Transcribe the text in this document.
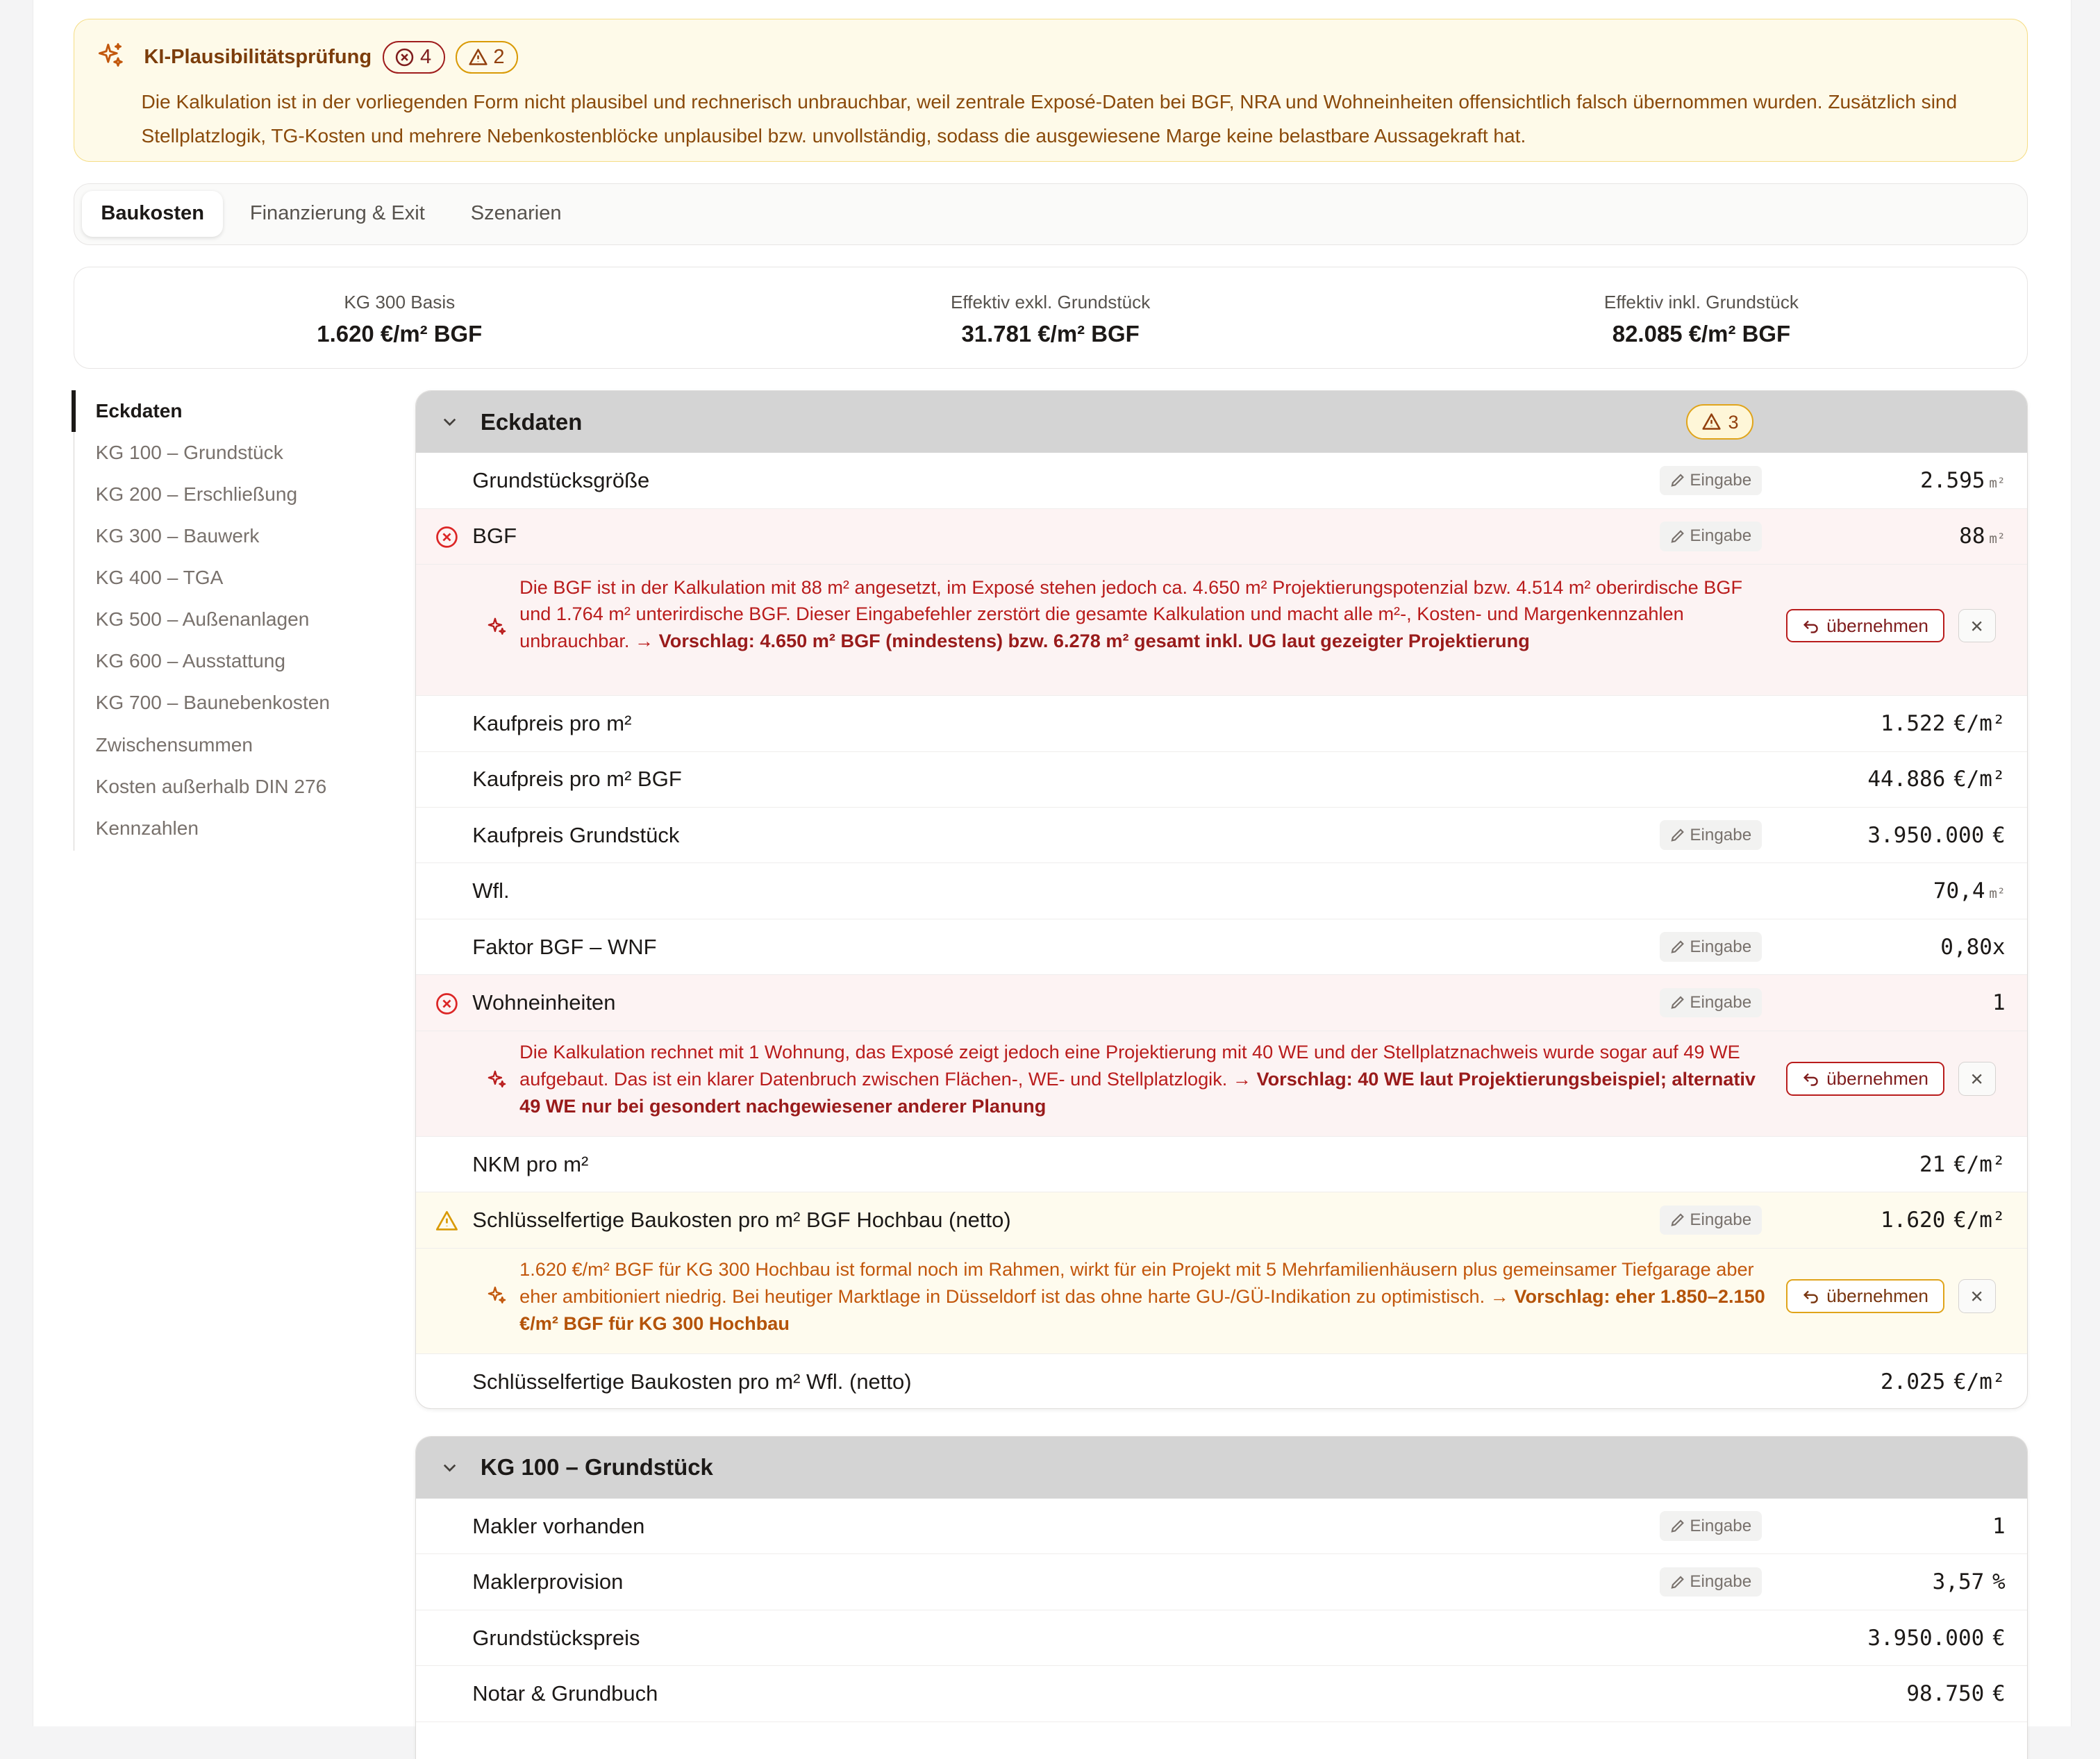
KI-Plausibilitätsprüfung	4	2
Die Kalkulation ist in der vorliegenden Form nicht plausibel und rechnerisch unbrauchbar, weil zentrale Exposé-Daten bei BGF, NRA und Wohneinheiten offensichtlich falsch übernommen wurden. Zusätzlich sind Stellplatzlogik, TG-Kosten und mehrere Nebenkostenblöcke unplausibel bzw. unvollständig, sodass die ausgewiesene Marge keine belastbare Aussagekraft hat.
Baukosten	Finanzierung & Exit	Szenarien
KG 300 Basis
1.620 €/m² BGF
Effektiv exkl. Grundstück
31.781 €/m² BGF
Effektiv inkl. Grundstück
82.085 €/m² BGF
Eckdaten
KG 100 – Grundstück
KG 200 – Erschließung
KG 300 – Bauwerk
KG 400 – TGA
KG 500 – Außenanlagen
KG 600 – Ausstattung
KG 700 – Baunebenkosten
Zwischensummen
Kosten außerhalb DIN 276
Kennzahlen
Eckdaten	3
Grundstücksgröße	Eingabe	2.595 m²
BGF	Eingabe	88 m²
Die BGF ist in der Kalkulation mit 88 m² angesetzt, im Exposé stehen jedoch ca. 4.650 m² Projektierungspotenzial bzw. 4.514 m² oberirdische BGF und 1.764 m² unterirdische BGF. Dieser Eingabefehler zerstört die gesamte Kalkulation und macht alle m²-, Kosten- und Margenkennzahlen unbrauchbar. → Vorschlag: 4.650 m² BGF (mindestens) bzw. 6.278 m² gesamt inkl. UG laut gezeigter Projektierung
übernehmen
Kaufpreis pro m²	1.522 €/m²
Kaufpreis pro m² BGF	44.886 €/m²
Kaufpreis Grundstück	Eingabe	3.950.000 €
Wfl.	70,4 m²
Faktor BGF – WNF	Eingabe	0,80x
Wohneinheiten	Eingabe	1
Die Kalkulation rechnet mit 1 Wohnung, das Exposé zeigt jedoch eine Projektierung mit 40 WE und der Stellplatznachweis wurde sogar auf 49 WE aufgebaut. Das ist ein klarer Datenbruch zwischen Flächen-, WE- und Stellplatzlogik. → Vorschlag: 40 WE laut Projektierungsbeispiel; alternativ 49 WE nur bei gesondert nachgewiesener anderer Planung
übernehmen
NKM pro m²	21 €/m²
Schlüsselfertige Baukosten pro m² BGF Hochbau (netto)	Eingabe	1.620 €/m²
1.620 €/m² BGF für KG 300 Hochbau ist formal noch im Rahmen, wirkt für ein Projekt mit 5 Mehrfamilienhäusern plus gemeinsamer Tiefgarage aber eher ambitioniert niedrig. Bei heutiger Marktlage in Düsseldorf ist das ohne harte GU-/GÜ-Indikation zu optimistisch. → Vorschlag: eher 1.850–2.150 €/m² BGF für KG 300 Hochbau
übernehmen
Schlüsselfertige Baukosten pro m² Wfl. (netto)	2.025 €/m²
KG 100 – Grundstück
Makler vorhanden	Eingabe	1
Maklerprovision	Eingabe	3,57 %
Grundstückspreis	3.950.000 €
Notar & Grundbuch	98.750 €
